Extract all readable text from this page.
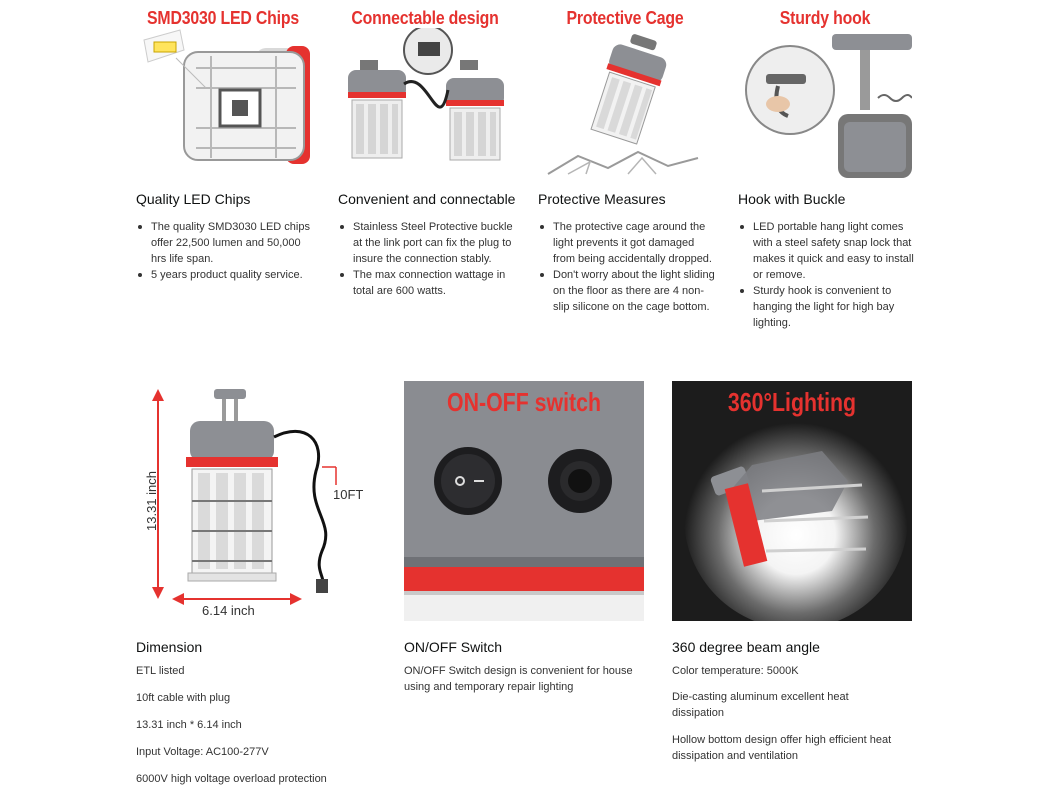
SMD3030 LED Chips
Quality LED Chips
The quality SMD3030 LED chips offer 22,500 lumen and 50,000 hrs life span.
5 years product quality service.
Connectable design
Convenient and connectable
Stainless Steel Protective buckle at the link port can fix the plug to insure the connection stably.
The max connection wattage in total are 600 watts.
Protective Cage
Protective Measures
The protective cage around the light prevents it got damaged from being accidentally dropped.
Don't worry about the light sliding on the floor as there are 4 non-slip silicone on the cage bottom.
Sturdy hook
Hook with Buckle
LED portable hang light comes with a steel safety snap lock that makes it quick and easy to install or remove.
Sturdy hook is convenient to hanging the light for high bay lighting.
10FT
13.31 inch
6.14 inch
Dimension
ETL listed
10ft cable with plug
13.31 inch * 6.14 inch
Input Voltage: AC100-277V
6000V high voltage overload protection
ON-OFF switch
ON/OFF Switch
ON/OFF Switch design is convenient for house using and temporary repair lighting
360°Lighting
360 degree beam angle
Color temperature: 5000K
Die-casting aluminum excellent heat dissipation
Hollow bottom design offer high efficient heat dissipation and ventilation
